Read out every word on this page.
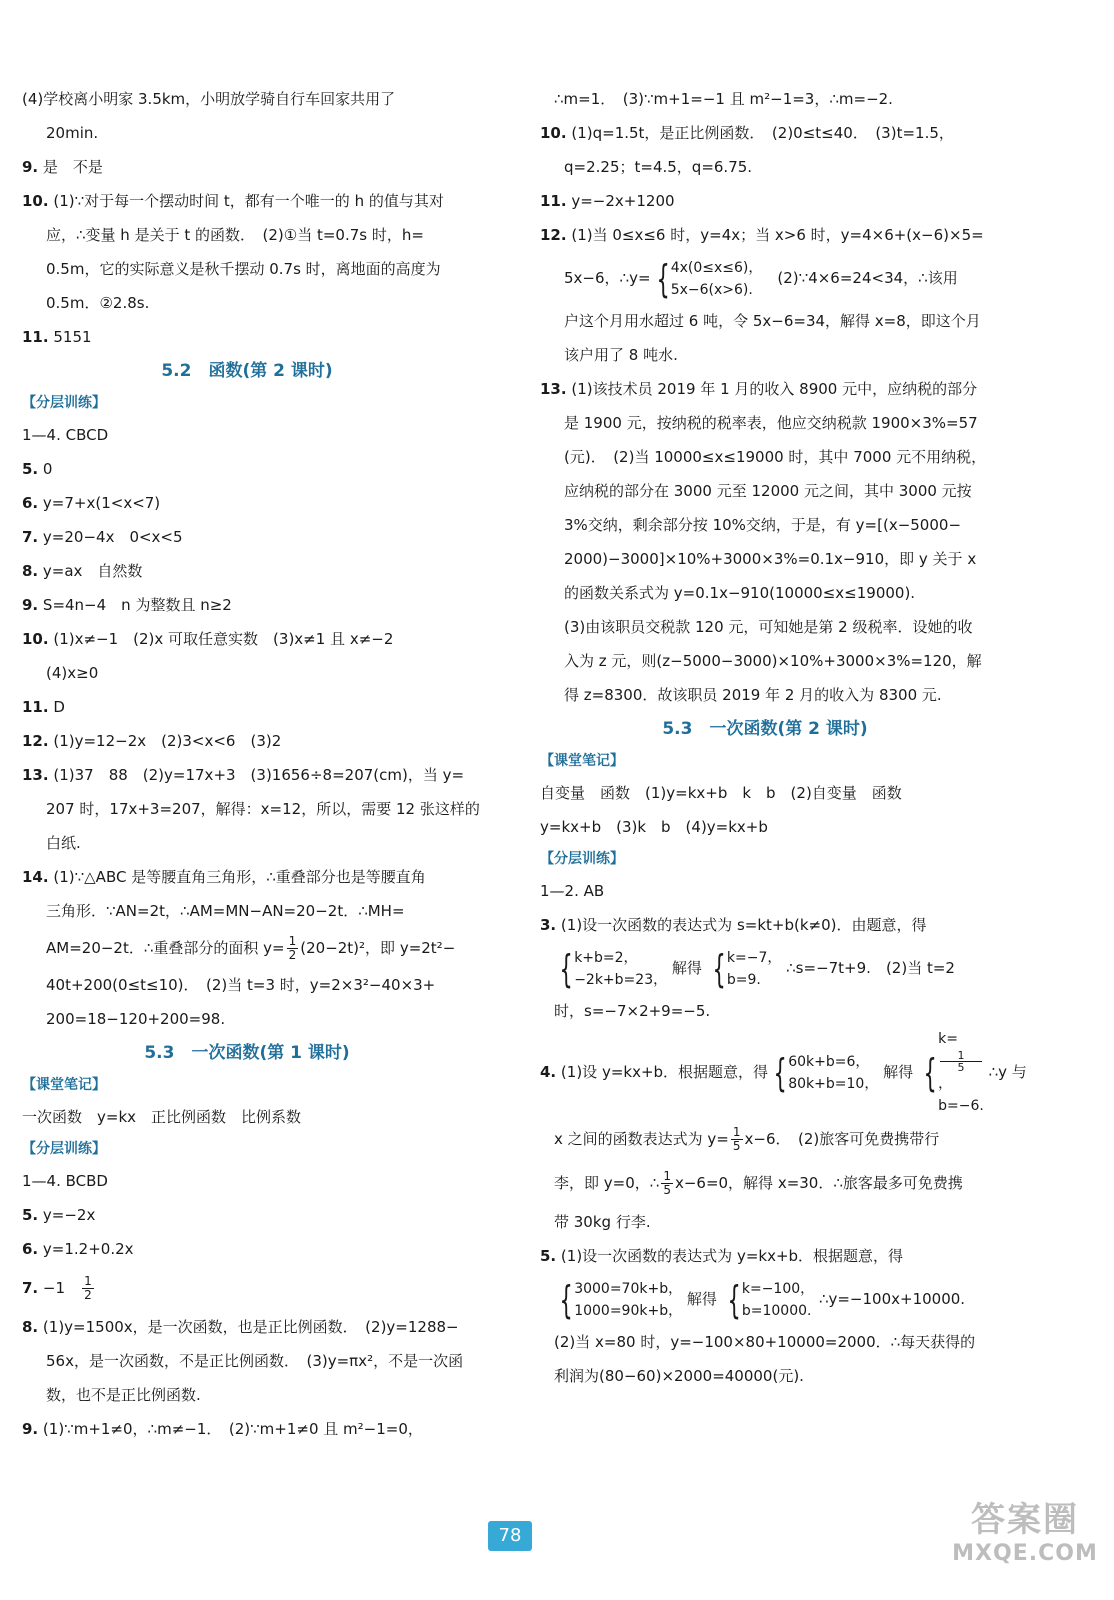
(4)学校离小明家 3.5km，小明放学骑自行车回家共用了
20min.
9. 是　不是
10. (1)∵对于每一个摆动时间 t，都有一个唯一的 h 的值与其对
应，∴变量 h 是关于 t 的函数．　(2)①当 t=0.7s 时，h=
0.5m，它的实际意义是秋千摆动 0.7s 时，离地面的高度为
0.5m．②2.8s.
11. 5151
5.2　函数(第 2 课时)
【分层训练】
1—4. CBCD
5. 0
6. y=7+x(1<x<7)
7. y=20−4x　0<x<5
8. y=ax　自然数
9. S=4n−4　n 为整数且 n≥2
10. (1)x≠−1　(2)x 可取任意实数　(3)x≠1 且 x≠−2
(4)x≥0
11. D
12. (1)y=12−2x　(2)3<x<6　(3)2
13. (1)37　88　(2)y=17x+3　(3)1656÷8=207(cm)，当 y=
207 时，17x+3=207，解得：x=12，所以，需要 12 张这样的
白纸.
14. (1)∵△ABC 是等腰直角三角形，∴重叠部分也是等腰直角
三角形．∵AN=2t，∴AM=MN−AN=20−2t．∴MH=
AM=20−2t．∴重叠部分的面积 $y= \frac{1}{2} (20-2t)^2$，即 y=2t²−
40t+200(0≤t≤10)．　(2)当 t=3 时，y=2×3²−40×3+
200=18−120+200=98.
5.3　一次函数(第 1 课时)
【课堂笔记】
一次函数　y=kx　正比例函数　比例系数
【分层训练】
1—4. BCBD
5. y=−2x
6. y=1.2+0.2x
7. −1　 $\frac{1}{2}$
8. (1)y=1500x，是一次函数，也是正比例函数．　(2)y=1288−
56x，是一次函数，不是正比例函数．　(3)y=πx²，不是一次函
数，也不是正比例函数.
9. (1)∵m+1≠0，∴m≠−1．　(2)∵m+1≠0 且 m²−1=0，
∴m=1．　(3)∵m+1=−1 且 m²−1=3，∴m=−2.
10. (1)q=1.5t，是正比例函数．　(2)0≤t≤40．　(3)t=1.5，
q=2.25；t=4.5，q=6.75.
11. y=−2x+1200
12. (1)当 0≤x≤6 时，y=4x；当 x>6 时，y=4×6+(x−6)×5=
5x−6，∴y= { 4x(0≤x≤6)，
5x−6(x>6).
　(2)∵4×6=24<34，∴该用
户这个月用水超过 6 吨，令 5x−6=34，解得 x=8，即这个月
该户用了 8 吨水.
13. (1)该技术员 2019 年 1 月的收入 8900 元中，应纳税的部分
是 1900 元，按纳税的税率表，他应交纳税款 1900×3%=57
(元)．　(2)当 10000≤x≤19000 时，其中 7000 元不用纳税，
应纳税的部分在 3000 元至 12000 元之间，其中 3000 元按
3%交纳，剩余部分按 10%交纳，于是，有 y=[(x−5000−
2000)−3000]×10%+3000×3%=0.1x−910，即 y 关于 x
的函数关系式为 y=0.1x−910(10000≤x≤19000).
(3)由该职员交税款 120 元，可知她是第 2 级税率．设她的收
入为 z 元，则(z−5000−3000)×10%+3000×3%=120，解
得 z=8300．故该职员 2019 年 2 月的收入为 8300 元.
5.3　一次函数(第 2 课时)
【课堂笔记】
自变量　函数　(1)y=kx+b　k　b　(2)自变量　函数
y=kx+b　(3)k　b　(4)y=kx+b
【分层训练】
1—2. AB
3. (1)设一次函数的表达式为 s=kt+b(k≠0)．由题意，得
{ k+b=2，
−2k+b=23，
解得 { k=−7，
b=9.
∴s=−7t+9.　(2)当 t=2
时，s=−7×2+9=−5.
4. (1)设 y=kx+b．根据题意，得 { 60k+b=6，
80k+b=10，
解得 {
k=
1
5
，
b=−6.
∴y 与
x 之间的函数表达式为 $y= \frac{1}{5} x-6$．　(2)旅客可免费携带行
李，即 y=0，∴ $\frac{1}{5} x-6=0$，解得 x=30．∴旅客最多可免费携
带 30kg 行李.
5. (1)设一次函数的表达式为 y=kx+b．根据题意，得
{ 3000=70k+b，
1000=90k+b，
解得 { k=−100，
b=10000.
∴y=−100x+10000.
(2)当 x=80 时，y=−100×80+10000=2000．∴每天获得的
利润为(80−60)×2000=40000(元).
78	答案圈
MXQE.COM
